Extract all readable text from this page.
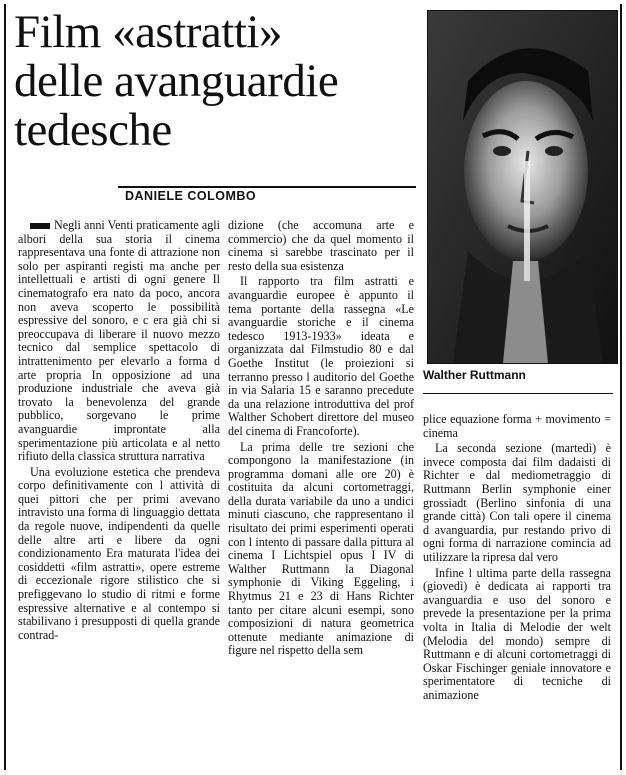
Film «astratti»
delle avanguardie
tedesche
DANIELE COLOMBO
Walther Ruttmann

Negli anni Venti praticamente agli albori della sua storia il cinema rappresentava una fonte di attrazione non solo per aspiranti registi ma anche per intellettuali e artisti di ogni genere Il cinematografo era nato da poco, ancora non aveva scoperto le possibilità espressive del sonoro, e c era già chi si preoccupava di liberare il nuovo mezzo tecnico dal semplice spettacolo di intrattenimento per elevarlo a forma d arte propria In opposizione ad una produzione industriale che aveva già trovato la benevolenza del grande pubblico, sorgevano le prime avanguardie improntate alla sperimentazione più articolata e al netto rifiuto della classica struttura narrativa

Una evoluzione estetica che prendeva corpo definitivamente con l attività di quei pittori che per primi avevano intravisto una forma di linguaggio dettata da regole nuove, indipendenti da quelle delle altre arti e libere da ogni condizionamento Era maturata l'idea dei cosiddetti «film astratti», opere estreme di eccezionale rigore stilistico che si prefiggevano lo studio di ritmi e forme espressive alternative e al contempo si stabilivano i presupposti di quella grande contrad-

dizione (che accomuna arte e commercio) che da quel momento il cinema si sarebbe trascinato per il resto della sua esistenza

Il rapporto tra film astratti e avanguardie europee è appunto il tema portante della rassegna «Le avanguardie storiche e il cinema tedesco 1913-1933» ideata e organizzata dal Filmstudio 80 e dal Goethe Institut (le proiezioni si terranno presso l auditorio del Goethe in via Salaria 15 e saranno precedute da una relazione introduttiva del prof Walther Schobert direttore del museo del cinema di Francoforte).

La prima delle tre sezioni che compongono la manifestazione (in programma domani alle ore 20) è costituita da alcuni cortometraggi, della durata variabile da uno a undici minuti ciascuno, che rappresentano il risultato dei primi esperimenti operati con l intento di passare dalla pittura al cinema I Lichtspiel opus I IV di Walther Ruttmann la Diagonal symphonie di Viking Eggeling, i Rhytmus 21 e 23 di Hans Richter tanto per citare alcuni esempi, sono composizioni di natura geometrica ottenute mediante animazione di figure nel rispetto della sem

plice equazione forma + movimento = cinema

La seconda sezione (martedì) è invece composta dai film dadaisti di Richter e dal mediometraggio di Ruttmann Berlin symphonie einer grossiadt (Berlino sinfonia di una grande città) Con tali opere il cinema d avanguardia, pur restando privo di ogni forma di narrazione comincia ad utilizzare la ripresa dal vero

Infine l ultima parte della rassegna (giovedì) è dedicata ai rapporti tra avanguardia e uso del sonoro e prevede la presentazione per la prima volta in Italia di Melodie der welt (Melodia del mondo) sempre di Ruttmann e di alcuni cortometraggi di Oskar Fischinger geniale innovatore e sperimentatore di tecniche di animazione
